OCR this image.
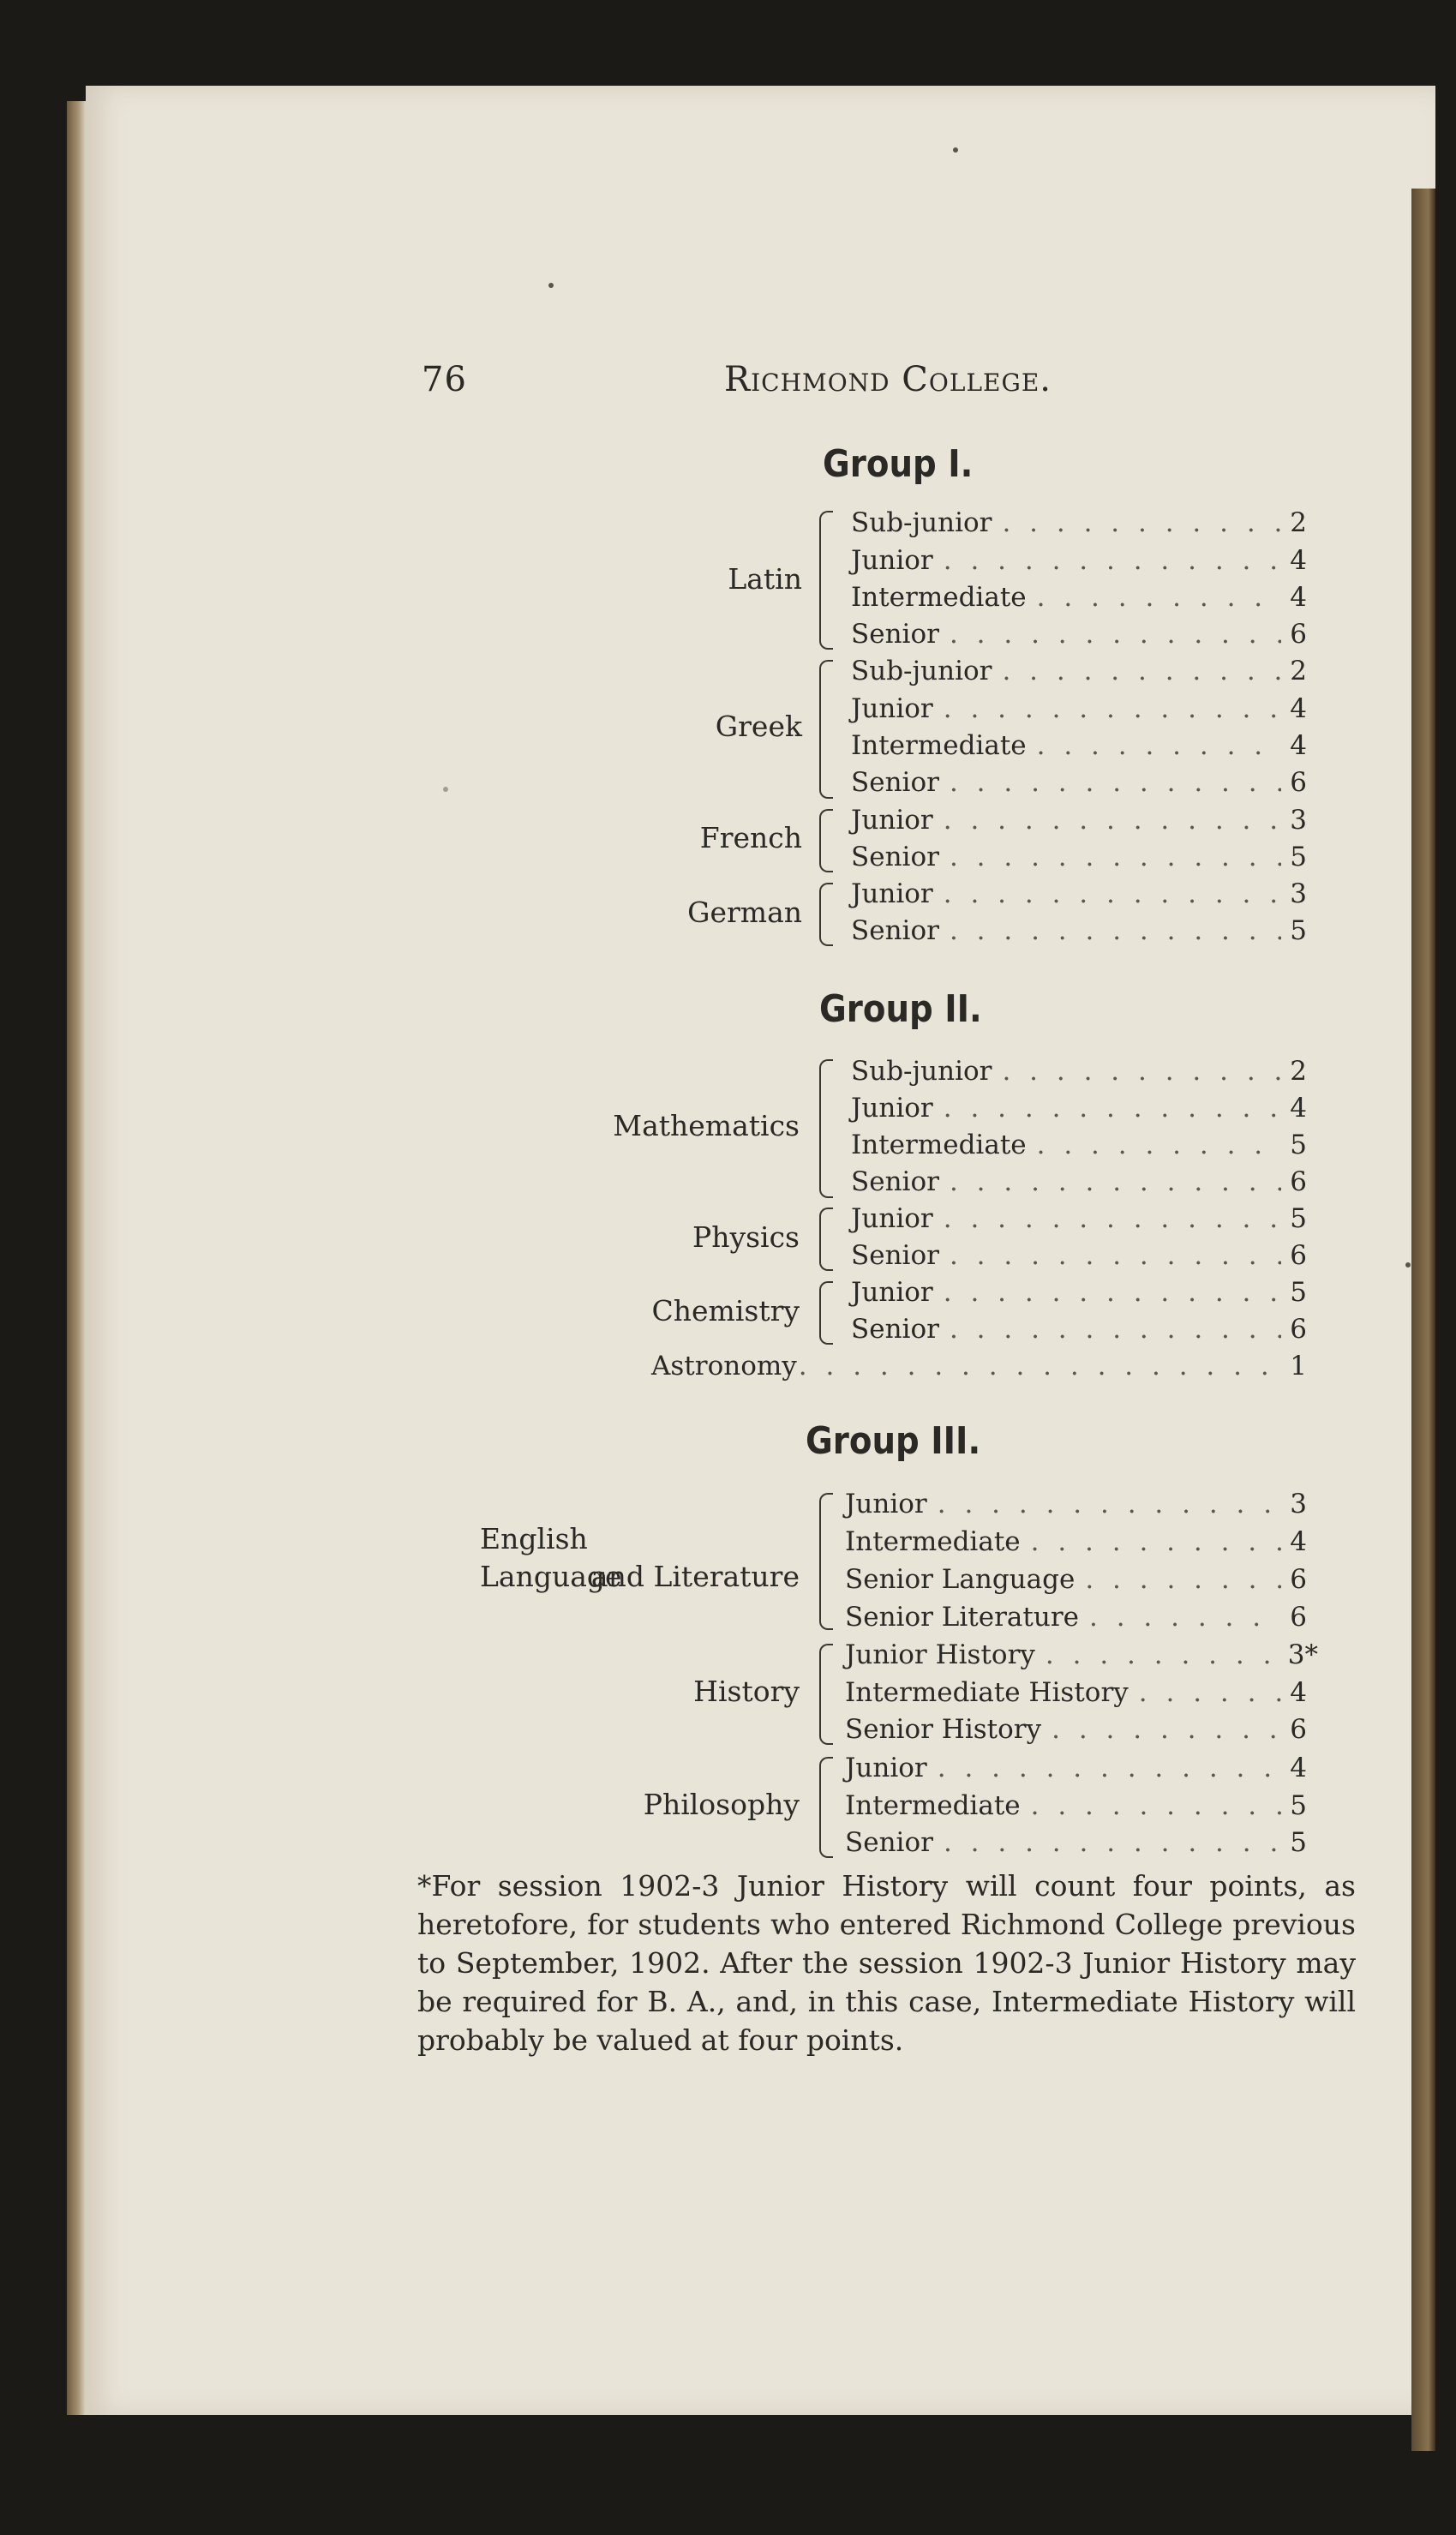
76	Richmond College.
Group I.
Latin
Sub-junior . . .	2
Junior . . .	4
Intermediate . . .	4
Senior . . .	6
Greek
Sub-junior . . .	2
Junior . . .	4
Intermediate . . .	4
Senior . . .	6
French
Junior . . .	3
Senior . . .	5
German
Junior . . .	3
Senior . . .	5
Group II.
Mathematics
Sub-junior . . .	2
Junior . . .	4
Intermediate . . .	5
Senior . . .	6
Physics
Junior . . .	5
Senior . . .	6
Chemistry
Junior . . .	5
Senior . . .	6
Astronomy . . .	1
Group III.
English Language
and Literature
Junior . . .	3
Intermediate . . .	4
Senior Language . . .	6
Senior Literature . . .	6
History
Junior History . . .	3*
Intermediate History . . .	4
Senior History . . .	6
Philosophy
Junior . . .	4
Intermediate . . .	5
Senior . . .	5
*For session 1902-3 Junior History will count four points, as heretofore, for students who entered Richmond College previous to September, 1902. After the session 1902-3 Junior History may be required for B. A., and, in this case, Intermediate History will probably be valued at four points.
